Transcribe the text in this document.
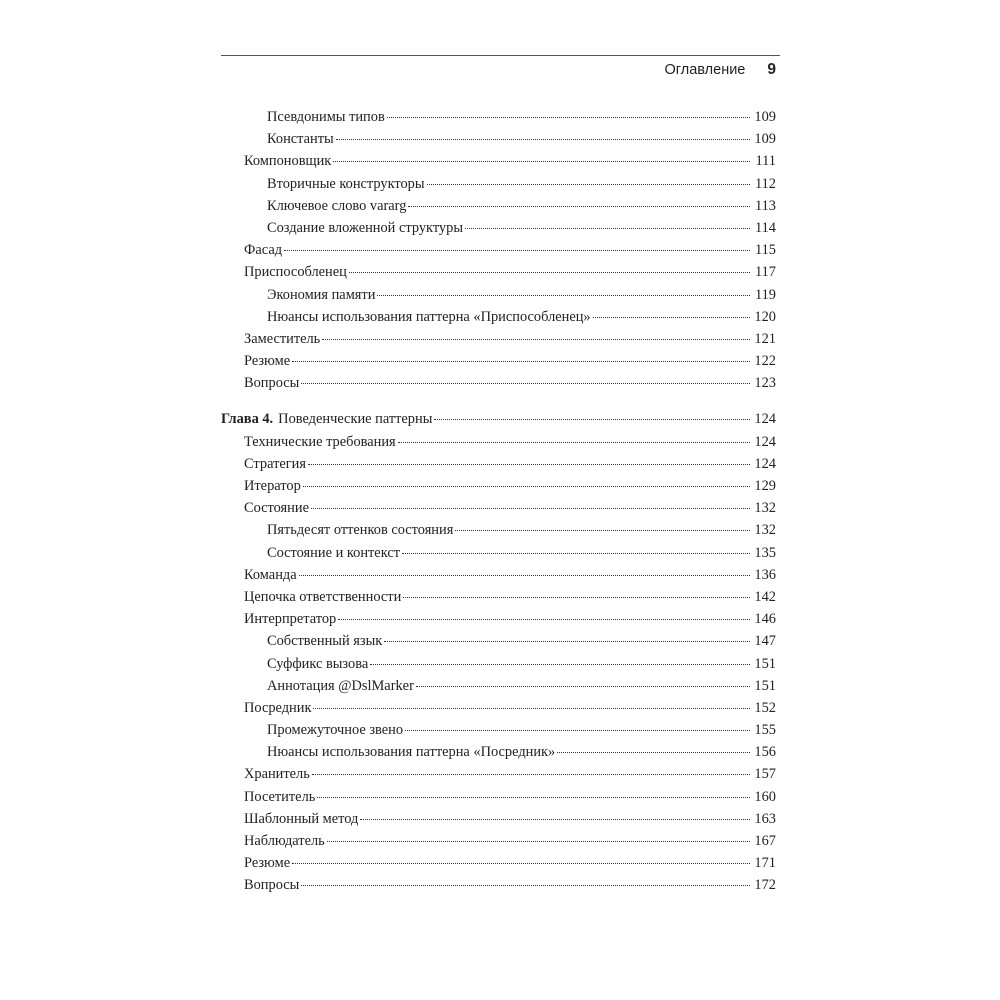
Оглавление 9
Псевдонимы типов	109
Константы	109
Компоновщик	111
Вторичные конструкторы	112
Ключевое слово vararg	113
Создание вложенной структуры	114
Фасад	115
Приспособленец	117
Экономия памяти	119
Нюансы использования паттерна «Приспособленец»	120
Заместитель	121
Резюме	122
Вопросы	123
Глава 4. Поведенческие паттерны	124
Технические требования	124
Стратегия	124
Итератор	129
Состояние	132
Пятьдесят оттенков состояния	132
Состояние и контекст	135
Команда	136
Цепочка ответственности	142
Интерпретатор	146
Собственный язык	147
Суффикс вызова	151
Аннотация @DslMarker	151
Посредник	152
Промежуточное звено	155
Нюансы использования паттерна «Посредник»	156
Хранитель	157
Посетитель	160
Шаблонный метод	163
Наблюдатель	167
Резюме	171
Вопросы	172
